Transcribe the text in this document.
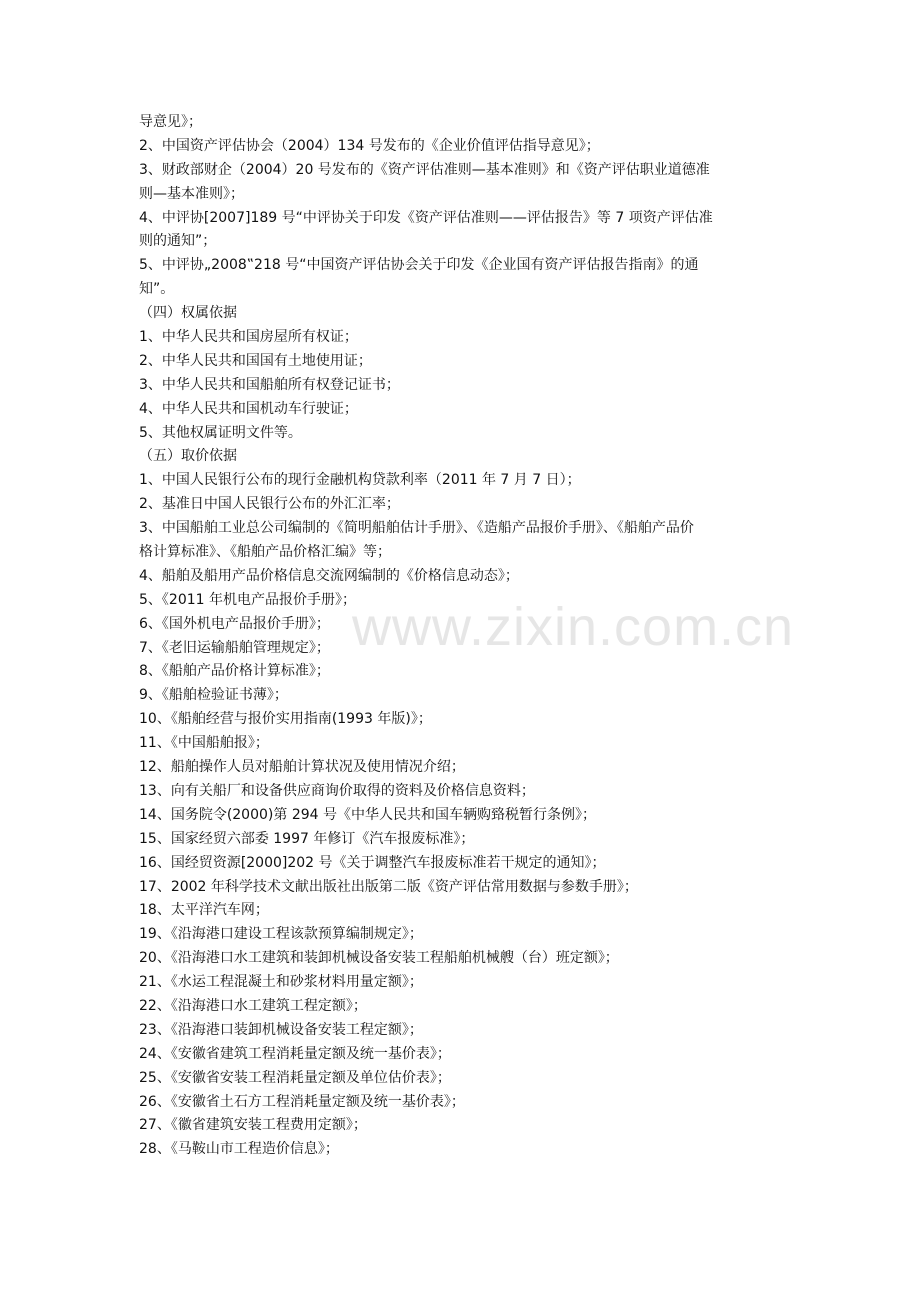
www.zixin.com.cn

导意见》；

2、中国资产评估协会（2004）134 号发布的《企业价值评估指导意见》；

3、财政部财企（2004）20 号发布的《资产评估准则—基本准则》和《资产评估职业道德准

则—基本准则》；

4、中评协[2007]189 号“中评协关于印发《资产评估准则——评估报告》等 7 项资产评估准

则的通知”；

5、中评协„2008‟218 号“中国资产评估协会关于印发《企业国有资产评估报告指南》的通

知”。

（四）权属依据

1、中华人民共和国房屋所有权证；

2、中华人民共和国国有土地使用证；

3、中华人民共和国船舶所有权登记证书；

4、中华人民共和国机动车行驶证；

5、其他权属证明文件等。

（五）取价依据

1、中国人民银行公布的现行金融机构贷款利率（2011 年 7 月 7 日）；

2、基准日中国人民银行公布的外汇汇率；

3、中国船舶工业总公司编制的《简明船舶估计手册》、《造船产品报价手册》、《船舶产品价

格计算标准》、《船舶产品价格汇编》等；

4、船舶及船用产品价格信息交流网编制的《价格信息动态》；

5、《2011 年机电产品报价手册》；

6、《国外机电产品报价手册》；

7、《老旧运输船舶管理规定》；

8、《船舶产品价格计算标准》；

9、《船舶检验证书薄》；

10、《船舶经营与报价实用指南(1993 年版)》；

11、《中国船舶报》；

12、船舶操作人员对船舶计算状况及使用情况介绍；

13、向有关船厂和设备供应商询价取得的资料及价格信息资料；

14、国务院令(2000)第 294 号《中华人民共和国车辆购臵税暂行条例》；

15、国家经贸六部委 1997 年修订《汽车报废标准》；

16、国经贸资源[2000]202 号《关于调整汽车报废标准若干规定的通知》；

17、2002 年科学技术文献出版社出版第二版《资产评估常用数据与参数手册》；

18、太平洋汽车网；

19、《沿海港口建设工程该款预算编制规定》；

20、《沿海港口水工建筑和装卸机械设备安装工程船舶机械艘（台）班定额》；

21、《水运工程混凝土和砂浆材料用量定额》；

22、《沿海港口水工建筑工程定额》；

23、《沿海港口装卸机械设备安装工程定额》；

24、《安徽省建筑工程消耗量定额及统一基价表》；

25、《安徽省安装工程消耗量定额及单位估价表》；

26、《安徽省土石方工程消耗量定额及统一基价表》；

27、《徽省建筑安装工程费用定额》；

28、《马鞍山市工程造价信息》；
